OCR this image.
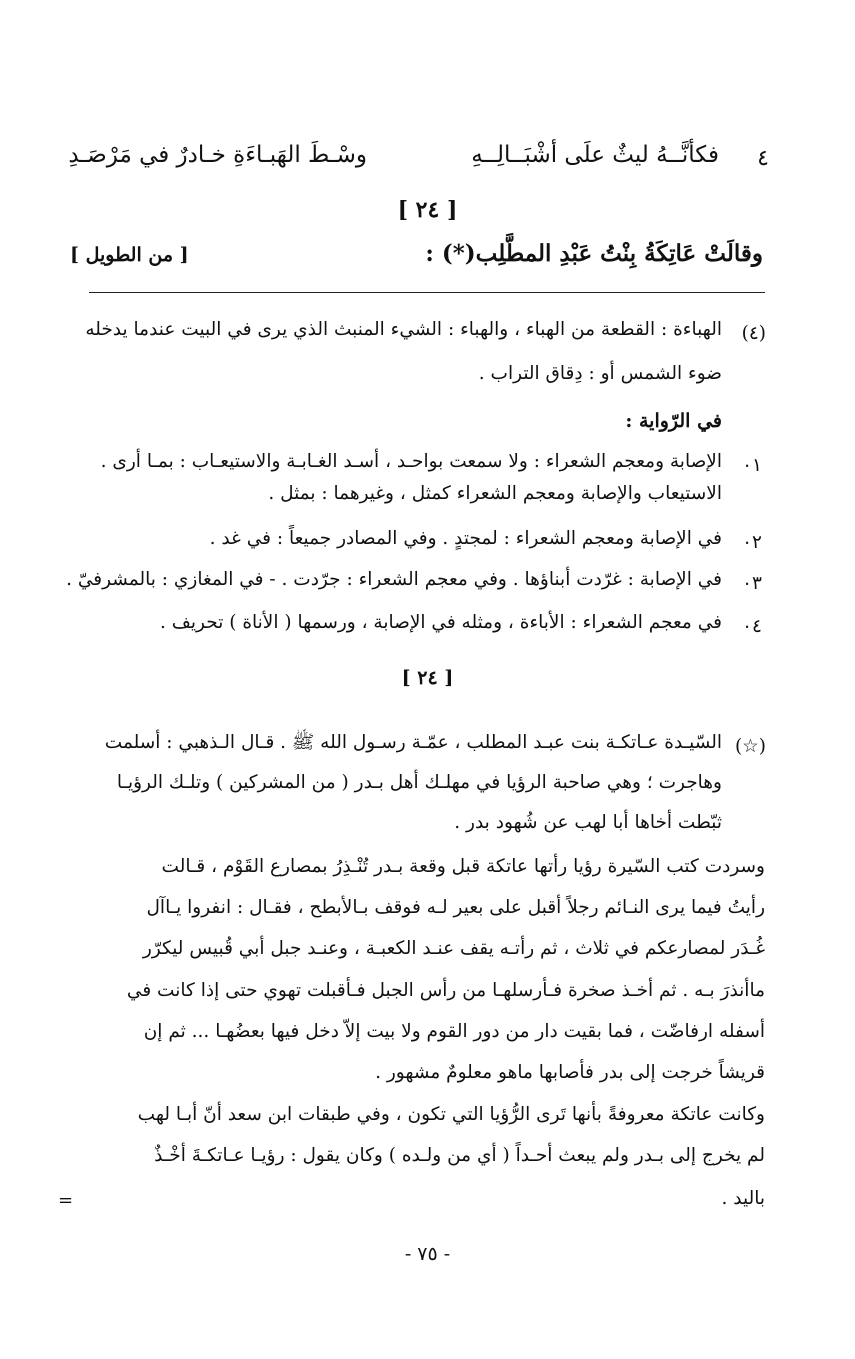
٤
فكأنَّــهُ ليثٌ علَى أشْبَــالِــهِ
وسْـطَ الهَبـاءَةِ خـادرٌ في مَرْصَـدِ
[ ٢٤ ]
وقالَتْ عَاتِكَةُ بِنْتُ عَبْدِ المطَّلِب(*) :
[ من الطويل ]
(٤)
الهباءة : القطعة من الهباء ، والهباء : الشيء المنبث الذي يرى في البيت عندما يدخله
ضوء الشمس أو : دِقاق التراب .
في الرّواية :
٠١
الإصابة ومعجم الشعراء : ولا سمعت بواحـد ، أسـد الغـابـة والاستيعـاب : بمـا أرى .
الاستيعاب والإصابة ومعجم الشعراء كمثل ، وغيرهما : بمثل .
٠٢
في الإصابة ومعجم الشعراء : لمجتدٍ . وفي المصادر جميعاً : في غد .
٠٣
في الإصابة : غرّدت أبناؤها . وفي معجم الشعراء : جرّدت . - في المغازي : بالمشرفيّ .
٠٤
في معجم الشعراء : الأباءة ، ومثله في الإصابة ، ورسمها ( الأناة ) تحريف .
[ ٢٤ ]
(☆)
السّيـدة عـاتكـة بنت عبـد المطلب ، عمّـة رسـول الله ﷺ . قـال الـذهبي : أسلمت
وهاجرت ؛ وهي صاحبة الرؤيا في مهلـك أهل بـدر ( من المشركين ) وتلـك الرؤيـا
ثبّطت أخاها أبا لهب عن شُهود بدر .
وسردت كتب السّيرة رؤيا رأتها عاتكة قبل وقعة بـدر تُنْـذِرُ بمصارع القَوْم ، قـالت
رأيتُ فيما يرى النـائم رجلاً أقبل على بعير لـه فوقف بـالأبطح ، فقـال : انفروا يـاآل
غُـدَر لمصارعكم في ثلاث ، ثم رأتـه يقف عنـد الكعبـة ، وعنـد جبل أبي قُبيس ليكرّر
ماأنذرَ بـه . ثم أخـذ صخرة فـأرسلهـا من رأس الجبل فـأقبلت تهوي حتى إذا كانت في
أسفله ارفاضّت ، فما بقيت دار من دور القوم ولا بيت إلاّ دخل فيها بعضُهـا ... ثم إن
قريشاً خرجت إلى بدر فأصابها ماهو معلومٌ مشهور .
وكانت عاتكة معروفةً بأنها تَرى الرُّؤيا التي تكون ، وفي طبقات ابن سعد أنّ أبـا لهب
لم يخرج إلى بـدر ولم يبعث أحـداً ( أي من ولـده ) وكان يقول : رؤيـا عـاتكـةَ أخْـذٌ
باليد .
=
- ٧٥ -
